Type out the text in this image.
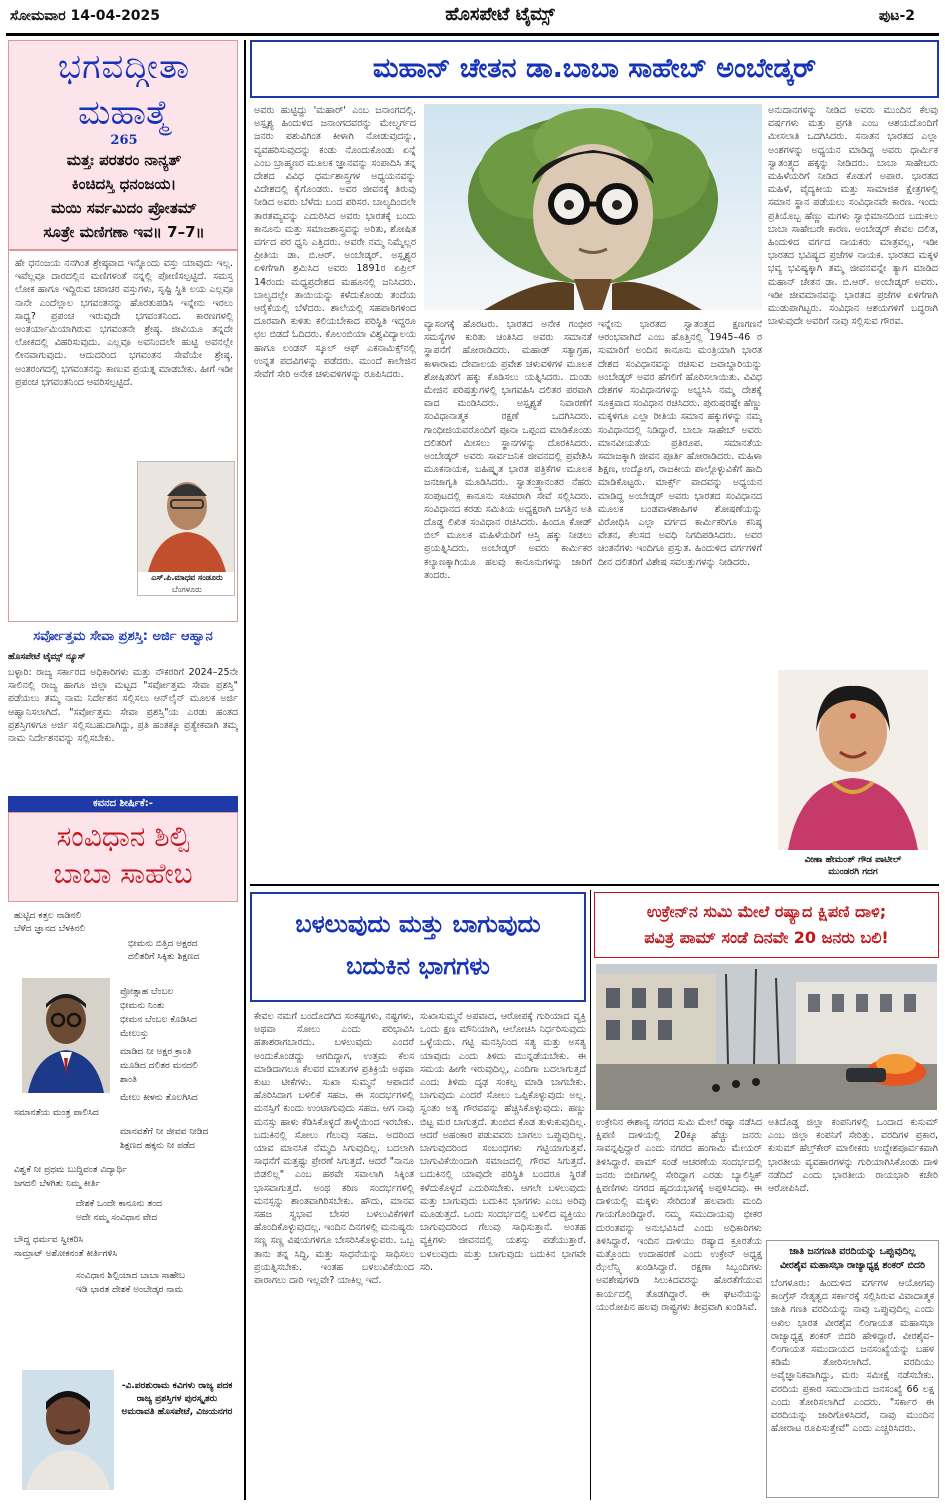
ಸೋಮವಾರ 14-04-2025	ಹೊಸಪೇಟೆ ಟೈಮ್ಸ್	ಪುಟ-2
ಭಗವದ್ಗೀತಾ
ಮಹಾತ್ಮೆ
265
ಮತ್ತಃ ಪರತರಂ ನಾನ್ಯತ್
ಕಿಂಚಿದಸ್ತಿ ಧನಂಜಯ।
ಮಯಿ ಸರ್ವಮಿದಂ ಪ್ರೋತಮ್
ಸೂತ್ರೇ ಮಣಿಗಣಾ ಇವ॥ 7–7॥
ಹೇ ಧನಂಜಯ ನನಗಿಂತ ಶ್ರೇಷ್ಠವಾದ ಇನ್ನೊಂದು ವಸ್ತು ಯಾವುದು ಇಲ್ಲ. ಇವೆಲ್ಲವೂ ದಾರದಲ್ಲಿನ ಮಣಿಗಳಂತೆ ನನ್ನಲ್ಲಿ ಪೋಣಿಸಲ್ಪಟ್ಟಿದೆ. ಸಮಸ್ತ ಲೋಕ ಹಾಗೂ ಇದ್ದಿರುವ ಚರಾಚರ ವಸ್ತುಗಳು, ಸೃಷ್ಟಿ ಸ್ಥಿತಿ ಲಯ ಎಲ್ಲವೂ ನಾನೇ ಎಂದೆಲ್ಲಾಲ ಭಗವಂತನನ್ನು ಹೊರತುಪಡಿಸಿ ಇನ್ನೇನು ಇರಲು ಸಾಧ್ಯ? ಪ್ರಪಂಚ ಇರುವುದೇ ಭಗವಂತನಿಂದ. ಕಾರಣಗಳಲ್ಲಿ ಅಂತರ್ಯಾಮಿಯಾಗಿರುವ ಭಗವಂತನೇ ಶ್ರೇಷ್ಠ. ಜೀವಿಯೂ ತನ್ನದೇ ಲೋಕದಲ್ಲಿ ವಿಹರಿಸುವುದು. ಎಲ್ಲವೂ ಅವನಿಂದಲೇ ಹುಟ್ಟಿ ಅವನಲ್ಲೇ ಲೀನವಾಗುವುದು. ಆದುದರಿಂದ ಭಗವಂತನ ಸೇವೆಯೇ ಶ್ರೇಷ್ಠ. ಅಂತರಂಗದಲ್ಲಿ ಭಗವಂತನನ್ನು ಕಾಣುವ ಪ್ರಯತ್ನ ಮಾಡಬೇಕು. ಹೀಗೆ ಇಡೀ ಪ್ರಪಂಚ ಭಗವಂತನಿಂದ ಆವರಿಸಲ್ಪಟ್ಟಿದೆ.
ಎಸ್.ಪಿ.ಮಾಧವ ಸಂಡೂರು
ಬೆಂಗಳೂರು
ಸರ್ವೋತ್ತಮ ಸೇವಾ ಪ್ರಶಸ್ತಿ: ಅರ್ಜಿ ಆಹ್ವಾನ
ಹೊಸಪೇಟೆ ಟೈಮ್ಸ್ ನ್ಯೂಸ್
ಬಳ್ಳಾರಿ: ರಾಜ್ಯ ಸರ್ಕಾರದ ಅಧಿಕಾರಿಗಳು ಮತ್ತು ನೌಕರರಿಗೆ 2024–25ನೇ ಸಾಲಿನಲ್ಲಿ ರಾಜ್ಯ ಹಾಗೂ ಜಿಲ್ಲಾ ಮಟ್ಟದ "ಸರ್ವೋತ್ತಮ ಸೇವಾ ಪ್ರಶಸ್ತಿ" ಪಡೆಯಲು ತಮ್ಮ ನಾಮ ನಿರ್ದೇಶನ ಸಲ್ಲಿಸಲು ಆನ್‌ಲೈನ್ ಮೂಲಕ ಅರ್ಜಿ ಆಹ್ವಾನಿಸಲಾಗಿದೆ. "ಸರ್ವೋತ್ತಮ ಸೇವಾ ಪ್ರಶಸ್ತಿ"ಯ ಎರಡು ಹಂತದ ಪ್ರಶಸ್ತಿಗಳಿಗೂ ಅರ್ಜಿ ಸಲ್ಲಿಸಬಹುದಾಗಿದ್ದು, ಪ್ರತಿ ಹಂತಕ್ಕೂ ಪ್ರತ್ಯೇಕವಾಗಿ ತಮ್ಮ ನಾಮ ನಿರ್ದೇಶನವನ್ನು ಸಲ್ಲಿಸಬೇಕು.
ಕವನದ ಶೀರ್ಷಿಕೆ:-
ಸಂವಿಧಾನ ಶಿಲ್ಪಿ
ಬಾಬಾ ಸಾಹೇಬ
ಹುಟ್ಟಿದ ಕತ್ತಲ ನಾಡಿನಲಿ
ಬೆಳೆದ ಜ್ಞಾನದ ಬೆಳಕಿನಲಿ
ಭೀಮನು ಬಿತ್ತಿದ ಅಕ್ಷರದ
ದಲಿತರಿಗೆ ಸಿಕ್ಕಿತು ಶಿಕ್ಷಣದ
ಪ್ರೋತ್ಸಾಹ ಬೆಂಬಲ
ಭೀಮನು ನಿಂತು
ಭೀಮನ ಬೆಂಬಲ ಕೊಡಿಸಿದ
ಮೇಲುಸ್ತು
ಮಾಡಿದ ನೀ ಅಕ್ಷರ ಕ್ರಾಂತಿ
ಮೂಡಿದ ದಲಿತರ ಮನದಲಿ
ಶಾಂತಿ
ಮೇಲು ಕೀಳನು ತೊಲಗಿಸಿದ
ಸಮಾನತೆಯ ಮಂತ್ರ ಪಾಲಿಸಿದ
ಮಾನವತೆಗೆ ನೀ ಜೀವವ ನೀಡಿದ
ಶಿಕ್ಷಣದ ಹಕ್ಕನು ನೀ ಪಡೆದ
ವಿಶ್ವಕೆ ನೀ ಪ್ರಥಮ ಬುದ್ಧಿವಂತ ವಿದ್ಯಾರ್ಥಿ
ಜಗದಲಿ ಬೆಳಗಿತು ನಿಮ್ಮ ಕೀರ್ತಿ
ದೇಶಕೆ ಒಂದೇ ಕಾನೂನು ತಂದ
ಅದೇ ನಮ್ಮ ಸಂವಿಧಾನ ವೇದ
ಬೌದ್ಧ ಧರ್ಮವ ಸ್ವೀಕರಿಸಿ
ಸಾಮ್ರಾಟ್ ಅಶೋಕನಂತೆ ಕೀರ್ತಿಗಳಿಸಿ
ಸಂವಿಧಾನ ಶಿಲ್ಪಿಯಾದ ಬಾಬಾ ಸಾಹೇಬ
ಇಡಿ ಭಾರತ ದೇಶಕೆ ಅಂಬೇಡ್ಕರ ನಾಮ
-ವಿ.ಪರಶುರಾಮ ಕವಿಗಳು ರಾಜ್ಯ ಪದಕ ರಾಜ್ಯ ಪ್ರಶಸ್ತಿಗಳ ಪುರಸ್ಕೃತರು ಅಮರಾವತಿ ಹೊಸಪೇಟೆ, ವಿಜಯನಗರ
ಮಹಾನ್ ಚೇತನ ಡಾ.ಬಾಬಾ ಸಾಹೇಬ್ ಅಂಬೇಡ್ಕರ್
ಅವರು ಹುಟ್ಟಿದ್ದು 'ಮಹಾರ್' ಎಂಬ ಜನಾಂಗದಲ್ಲಿ. ಅಸ್ಪೃಶ್ಯ ಹಿಂದುಳಿದ ಜನಾಂಗದವರನ್ನು ಮೇಲ್ವರ್ಗದ ಜನರು ಪಶುವಿಗಿಂತ ಕೀಳಾಗಿ ನೋಡುವುದನ್ನು, ವ್ಯವಹರಿಸುವುದನ್ನು ಕಂಡು ನೊಂದುಕೊಂಡು ಏನ್ನೆ ಎಂಬ ಬ್ರಾಹ್ಮಣರ ಮೂಲಕ ಜ್ಞಾನವನ್ನು ಸಂಪಾದಿಸಿ ತನ್ನ ದೇಶದ ವಿವಿಧ ಧರ್ಮಶಾಸ್ತ್ರಗಳ ಅಧ್ಯಯನವನ್ನು ವಿದೇಶದಲ್ಲಿ ಕೈಗೊಂಡರು. ಅವರ ಜೀವನಕ್ಕೆ ತಿರುವು ನೀಡಿದ ಅವರು ಬೆಳೆದು ಬಂದ ಪರಿಸರ. ಬಾಲ್ಯದಿಂದಲೇ ತಾರತಮ್ಯವನ್ನು ಎದುರಿಸಿದ ಅವರು ಭಾರತಕ್ಕೆ ಬಂದು ಕಾನೂನು ಮತ್ತು ಸಮಾಜಶಾಸ್ತ್ರವನ್ನು ಅರಿತು, ಶೋಷಿತ ವರ್ಗದ ಪರ ಧ್ವನಿ ಎತ್ತಿದರು. ಅವರೇ ನಮ್ಮ ನಿಮ್ಮೆಲ್ಲರ ಪ್ರೀತಿಯ ಡಾ. ಬಿ.ಆರ್. ಅಂಬೇಡ್ಕರ್. ಅಸ್ಪೃಶ್ಯರ ಏಳಿಗೆಗಾಗಿ ಶ್ರಮಿಸಿದ ಅವರು 1891ರ ಏಪ್ರಿಲ್ 14ರಂದು ಮಧ್ಯಪ್ರದೇಶದ ಮಹೂನಲ್ಲಿ ಜನಿಸಿದರು. ಬಾಲ್ಯದಲ್ಲೇ ತಾಯಿಯನ್ನು ಕಳೆದುಕೊಂಡು ತಂದೆಯ ಆರೈಕೆಯಲ್ಲಿ ಬೆಳೆದರು. ಶಾಲೆಯಲ್ಲಿ ಸಹಪಾಠಿಗಳಿಂದ ದೂರವಾಗಿ ಕುಳಿತು ಕಲಿಯಬೇಕಾದ ಪರಿಸ್ಥಿತಿ ಇದ್ದರೂ ಛಲ ಬಿಡದೆ ಓದಿದರು. ಕೊಲಂಬಿಯಾ ವಿಶ್ವವಿದ್ಯಾಲಯ ಹಾಗೂ ಲಂಡನ್ ಸ್ಕೂಲ್ ಆಫ್ ಎಕನಾಮಿಕ್ಸ್‌ನಲ್ಲಿ ಉನ್ನತ ಪದವಿಗಳನ್ನು ಪಡೆದರು. ಮುಂದೆ ಕಾಲೇಜಿನ ಸೇವೆಗೆ ಸೇರಿ ಅನೇಕ ಚಳುವಳಿಗಳನ್ನು ರೂಪಿಸಿದರು.
ವ್ಯಾಸಂಗಕ್ಕೆ ಹೊರಟರು. ಭಾರತದ ಅನೇಕ ಗಂಭೀರ ಸಮಸ್ಯೆಗಳ ಕುರಿತು ಚಿಂತಿಸಿದ ಅವರು ಸಮಾನತೆ ಸ್ಥಾಪನೆಗೆ ಹೋರಾಡಿದರು. ಮಹಾಡ್ ಸತ್ಯಾಗ್ರಹ, ಕಾಳಾರಾಮ ದೇವಾಲಯ ಪ್ರವೇಶ ಚಳುವಳಿಗಳ ಮೂಲಕ ಶೋಷಿತರಿಗೆ ಹಕ್ಕು ಕೊಡಿಸಲು ಯತ್ನಿಸಿದರು. ದುಂಡು ಮೇಜಿನ ಪರಿಷತ್ತುಗಳಲ್ಲಿ ಭಾಗವಹಿಸಿ ದಲಿತರ ಪರವಾಗಿ ವಾದ ಮಂಡಿಸಿದರು. ಅಸ್ಪೃಶ್ಯತೆ ನಿವಾರಣೆಗೆ ಸಂವಿಧಾನಾತ್ಮಕ ರಕ್ಷಣೆ ಒದಗಿಸಿದರು. ಗಾಂಧೀಜಿಯವರೊಂದಿಗೆ ಪೂನಾ ಒಪ್ಪಂದ ಮಾಡಿಕೊಂಡು ದಲಿತರಿಗೆ ಮೀಸಲು ಸ್ಥಾನಗಳನ್ನು ದೊರಕಿಸಿದರು. ಅಂಬೇಡ್ಕರ್ ಅವರು ಸಾರ್ವಜನಿಕ ಜೀವನದಲ್ಲಿ ಪ್ರವೇಶಿಸಿ ಮೂಕನಾಯಕ, ಬಹಿಷ್ಕೃತ ಭಾರತ ಪತ್ರಿಕೆಗಳ ಮೂಲಕ ಜನಜಾಗೃತಿ ಮೂಡಿಸಿದರು. ಸ್ವಾತಂತ್ರ್ಯಾನಂತರ ನೆಹರು ಸಂಪುಟದಲ್ಲಿ ಕಾನೂನು ಸಚಿವರಾಗಿ ಸೇವೆ ಸಲ್ಲಿಸಿದರು. ಸಂವಿಧಾನದ ಕರಡು ಸಮಿತಿಯ ಅಧ್ಯಕ್ಷರಾಗಿ ಜಗತ್ತಿನ ಅತಿ ದೊಡ್ಡ ಲಿಖಿತ ಸಂವಿಧಾನ ರಚಿಸಿದರು. ಹಿಂದೂ ಕೋಡ್ ಬಿಲ್ ಮೂಲಕ ಮಹಿಳೆಯರಿಗೆ ಆಸ್ತಿ ಹಕ್ಕು ನೀಡಲು ಪ್ರಯತ್ನಿಸಿದರು. ಅಂಬೇಡ್ಕರ್ ಅವರು ಕಾರ್ಮಿಕರ ಕಲ್ಯಾಣಕ್ಕಾಗಿಯೂ ಹಲವು ಕಾನೂನುಗಳನ್ನು ಜಾರಿಗೆ ತಂದರು.
ಇನ್ನೇನು ಭಾರತದ ಸ್ವಾತಂತ್ರ್ಯದ ಕ್ಷಣಗಣನೆ ಆರಂಭವಾಗಿದೆ ಎಂಬ ಹೊತ್ತಿನಲ್ಲಿ 1945–46 ರ ಸುಮಾರಿಗೆ ಅಂದಿನ ಕಾನೂನು ಮಂತ್ರಿಯಾಗಿ ಭಾರತ ದೇಶದ ಸಂವಿಧಾನವನ್ನು ರಚಿಸುವ ಜವಾಬ್ದಾರಿಯನ್ನು ಅಂಬೇಡ್ಕರ್ ಅವರ ಹೆಗಲಿಗೆ ಹೊರಿಸಲಾಯಿತು. ವಿವಿಧ ದೇಶಗಳ ಸಂವಿಧಾನಗಳನ್ನು ಅಭ್ಯಸಿಸಿ ನಮ್ಮ ದೇಶಕ್ಕೆ ಸೂಕ್ತವಾದ ಸಂವಿಧಾನ ರಚಿಸಿದರು. ಪುರುಷರಷ್ಟೇ ಹೆಣ್ಣು ಮಕ್ಕಳಿಗೂ ಎಲ್ಲಾ ರೀತಿಯ ಸಮಾನ ಹಕ್ಕುಗಳನ್ನು ನಮ್ಮ ಸಂವಿಧಾನದಲ್ಲಿ ನಿಡಿದ್ದಾರೆ. ಬಾಬಾ ಸಾಹೇಬ್ ಅವರು ಮಾನವೀಯತೆಯ ಪ್ರತಿರೂಪ. ಸಮಾನತೆಯ ಸಮಾಜಕ್ಕಾಗಿ ಜೀವನ ಪೂರ್ತಿ ಹೋರಾಡಿದರು. ಮಹಿಳಾ ಶಿಕ್ಷಣ, ಉದ್ಯೋಗ, ರಾಜಕೀಯ ಪಾಲ್ಗೊಳ್ಳುವಿಕೆಗೆ ಹಾದಿ ಮಾಡಿಕೊಟ್ಟರು. ಮಾರ್ಕ್ಸ್ ವಾದವನ್ನು ಅಧ್ಯಯನ ಮಾಡಿದ್ದ ಅಂಬೇಡ್ಕರ್ ಅವರು ಭಾರತದ ಸಂವಿಧಾನದ ಮೂಲಕ ಬಂಡವಾಳಶಾಹಿಗಳ ಶೋಷಣೆಯನ್ನು ವಿರೋಧಿಸಿ ಎಲ್ಲಾ ವರ್ಗದ ಕಾರ್ಮಿಕರಿಗೂ ಕನಿಷ್ಠ ವೇತನ, ಕೆಲಸದ ಅವಧಿ ನಿಗದಿಪಡಿಸಿದರು. ಅವರ ಚಿಂತನೆಗಳು ಇಂದಿಗೂ ಪ್ರಸ್ತುತ. ಹಿಂದುಳಿದ ವರ್ಗಗಳಿಗೆ ದೀನ ದಲಿತರಿಗೆ ವಿಶೇಷ ಸವಲತ್ತುಗಳನ್ನು ನೀಡಿದರು.
ಅನುದಾನಗಳನ್ನು ನೀಡಿದ ಅವರು ಮುಂದಿನ ಕೆಲವು ವರ್ಷಗಳು ಮತ್ತು ಪ್ರಗತಿ ಎಂಬ ಆಶಯದೊಂದಿಗೆ ಮೀಸಲಾತಿ ಒದಗಿಸಿದರು. ಸನಾತನ ಭಾರತದ ಎಲ್ಲಾ ಅಂಶಗಳನ್ನು ಅಧ್ಯಯನ ಮಾಡಿದ್ದ ಅವರು ಧಾರ್ಮಿಕ ಸ್ವಾತಂತ್ರ್ಯದ ಹಕ್ಕನ್ನು ನೀಡಿದರು. ಬಾಬಾ ಸಾಹೇಬರು ಮಹಿಳೆಯರಿಗೆ ನೀಡಿದ ಕೊಡುಗೆ ಅಪಾರ. ಭಾರತದ ಮಹಿಳೆ, ವೈದ್ಯಕೀಯ ಮತ್ತು ಸಾಮಾಜಿಕ ಕ್ಷೇತ್ರಗಳಲ್ಲಿ ಸಮಾನ ಸ್ಥಾನ ಪಡೆಯಲು ಸಂವಿಧಾನವೇ ಕಾರಣ. ಇಂದು ಪ್ರತಿಯೊಬ್ಬ ಹೆಣ್ಣು ಮಗಳು ಸ್ವಾಭಿಮಾನದಿಂದ ಬದುಕಲು ಬಾಬಾ ಸಾಹೇಬರೇ ಕಾರಣ. ಅಂಬೇಡ್ಕರ್ ಕೇವಲ ದಲಿತ, ಹಿಂದುಳಿದ ವರ್ಗದ ನಾಯಕರು ಮಾತ್ರವಲ್ಲ, ಇಡೀ ಭಾರತದ ಭವಿಷ್ಯದ ಪ್ರಜೆಗಳ ನಾಯಕ. ಭಾರತದ ಮಕ್ಕಳ ಭವ್ಯ ಭವಿಷ್ಯಕ್ಕಾಗಿ ತಮ್ಮ ಜೀವನವನ್ನೇ ತ್ಯಾಗ ಮಾಡಿದ ಮಹಾನ್ ಚೇತನ ಡಾ. ಬಿ.ಆರ್. ಅಂಬೇಡ್ಕರ್ ಅವರು. ಇಡೀ ಜೀವಮಾನವನ್ನು ಭಾರತದ ಪ್ರಜೆಗಳ ಏಳಿಗೆಗಾಗಿ ಮುಡುಪಾಗಿಟ್ಟರು. ಸಂವಿಧಾನ ಆಶಯಗಳಿಗೆ ಬದ್ಧರಾಗಿ ಬಾಳುವುದೇ ಅವರಿಗೆ ನಾವು ಸಲ್ಲಿಸುವ ಗೌರವ.
ವೀಣಾ ಹೇಮಂತ್ ಗೌಡ ಪಾಟೀಲ್
ಮುಂಡರಗಿ ಗದಗ
ಬಳಲುವುದು ಮತ್ತು ಬಾಗುವುದು
ಬದುಕಿನ ಭಾಗಗಳು
ಕೇವಲ ನಮಗೆ ಬಂದೊದಗಿದ ಸಂಕಷ್ಟಗಳು, ನಷ್ಟಗಳು, ಅಥವಾ ಸೋಲು ಎಂದು ಪರಿಭಾವಿಸಿ ಹತಾಶರಾಗಬಾರದು. ಬಳಲುವುದು ಎಂದರೆ ಅಂದುಕೊಂಡದ್ದು ಆಗದಿದ್ದಾಗ, ಉತ್ತಮ ಕೆಲಸ ಮಾಡಿದಾಗಲೂ ಕೆಲವರ ಮಾತುಗಳ ಪ್ರತಿಕ್ರಿಯೆ ಅಥವಾ ಕುಟು ಟೀಕೆಗಳು. ಸುಖಾ ಸುಮ್ಮನೆ ಆಪಾದನೆ ಹೊರಿಸಿದಾಗ ಬಳಲಿಕೆ ಸಹಜ. ಈ ಸಂದರ್ಭಗಳಲ್ಲಿ ಮನಸ್ಸಿಗೆ ಕುಂದು ಉಂಟಾಗುವುದು ಸಹಜ. ಆಗ ನಾವು ಮನಸ್ಸು ಹಾಳು ಕೆಡಿಸಿಕೊಳ್ಳದೆ ತಾಳ್ಮೆಯಿಂದ ಇರಬೇಕು. ಬದುಕಿನಲ್ಲಿ ಸೋಲು ಗೆಲುವು ಸಹಜ. ಅದರಿಂದ ಯಾವ ಮಾನಸಿಕ ನೆಮ್ಮದಿ ಸಿಗುವುದಿಲ್ಲ. ಬದಲಾಗಿ ಸಾಧನೆಗೆ ಮತ್ತಷ್ಟು ಪ್ರೇರಣೆ ಸಿಗುತ್ತದೆ. ಆದರೆ "ನಾನೂ ಬಿಡಲಿಲ್ಲ" ಎಂಬ ಹಠವೇ ಸವಾಲಾಗಿ ಸಿಕ್ಕಿಂತ ಭಾಸವಾಗುತ್ತದೆ. ಅಂಥ ಕಠಿಣ ಸಂದರ್ಭಗಳಲ್ಲಿ ಮನಸ್ಸನ್ನು ಶಾಂತವಾಗಿರಿಸಬೇಕು. ಹೌದು, ಮಾನವ ಸಹಜ ಸ್ವಭಾವ ಬೇಸರ ಬಳಲುವಿಕೆಗಳಿಗೆ ಹೊಂದಿಕೊಳ್ಳುವುದಲ್ಲ. ಇಂದಿನ ದಿನಗಳಲ್ಲಿ ಮನುಷ್ಯರು ಸಣ್ಣ ಸಣ್ಣ ವಿಷಯಗಳಿಗೂ ಬೇಸರಿಸಿಕೊಳ್ಳುವರು. ಒಬ್ಬ ತಾನು ತನ್ನ ಸಿದ್ಧಿ, ಮತ್ತು ಸಾಧನೆಯನ್ನು ಸಾಧಿಸಲು ಪ್ರಯತ್ನಿಸಬೇಕು. ಇಂತಹ ಬಳಲುವಿಕೆಯಿಂದ ಪಾರಾಗಲು ದಾರಿ ಇಲ್ಲವೇ? ಯಾಕಿಲ್ಲ ಇದೆ.
ಸುಖಾಸುಮ್ಮನೆ ಅಪವಾದ, ಆರೋಪಕ್ಕೆ ಗುರಿಯಾದ ವ್ಯಕ್ತಿ ಒಂದು ಕ್ಷಣ ಮೌನಿಯಾಗಿ, ಆಲೋಚಿಸಿ ನಿರ್ಧರಿಸುವುದು ಒಳ್ಳೆಯದು. ಗಟ್ಟಿ ಮನಸ್ಸಿನಿಂದ ಸತ್ಯ ಮತ್ತು ಅಸತ್ಯ ಯಾವುದು ಎಂದು ತಿಳಿದು ಮುನ್ನಡೆಯಬೇಕು. ಈ ಸಮಯ ಹೀಗೇ ಇರುವುದಿಲ್ಲ, ಎಂದಿಗಾ ಬದಲಾಗುತ್ತದೆ ಎಂದು ತಿಳಿದು ದೃಢ ಸಂಕಲ್ಪ ಮಾಡಿ ಬಾಗಬೇಕು. ಬಾಗುವುದು ಎಂದರೆ ಸೋಲು ಒಪ್ಪಿಕೊಳ್ಳುವುದು ಅಲ್ಲ. ಸ್ವಂತಂ ಅತ್ಯ ಗೌರವವನ್ನು ಹೆಚ್ಚಿಸಿಕೊಳ್ಳುವುದು. ಹಣ್ಣು ಬಿಟ್ಟ ಮರ ಬಾಗುತ್ತದೆ. ತುಂಬಿದ ಕೊಡ ತುಳುಕುವುದಿಲ್ಲ. ಆದರೆ ಅಹಂಕಾರ ಪಡುವವರು ಬಾಗಲು ಒಪ್ಪುವುದಿಲ್ಲ. ಬಾಗುವುದರಿಂದ ಸಂಬಂಧಗಳು ಗಟ್ಟಿಯಾಗುತ್ತವೆ. ಬಾಗುವಿಕೆಯಿಂದಾಗಿ ಸಮಾಜದಲ್ಲಿ ಗೌರವ ಸಿಗುತ್ತದೆ. ಬದುಕಿನಲ್ಲಿ ಯಾವುದೇ ಪರಿಸ್ಥಿತಿ ಬಂದರೂ ಸ್ಥಿರತೆ ಕಳೆದುಕೊಳ್ಳದೆ ಎದುರಿಸಬೇಕು. ಆಗಲೇ ಬಳಲುವುದು ಮತ್ತು ಬಾಗುವುದು ಬದುಕಿನ ಭಾಗಗಳು ಎಂಬ ಅರಿವು ಮೂಡುತ್ತದೆ. ಒಂದು ಸಂದರ್ಭದಲ್ಲಿ ಬಳಲಿದ ವ್ಯಕ್ತಿಯು ಬಾಗುವುದರಿಂದ ಗೆಲುವು ಸಾಧಿಸುತ್ತಾನೆ. ಅಂತಹ ವ್ಯಕ್ತಿಗಳು ಜೀವನದಲ್ಲಿ ಯಶಸ್ಸು ಪಡೆಯುತ್ತಾರೆ. ಬಳಲುವುದು ಮತ್ತು ಬಾಗುವುದು ಬದುಕಿನ ಭಾಗವೇ ಸರಿ.
ಉಕ್ರೇನ್‌ನ ಸುಮಿ ಮೇಲೆ ರಷ್ಯಾದ ಕ್ಷಿಪಣಿ ದಾಳಿ;
ಪವಿತ್ರ ಪಾಮ್ ಸಂಡೆ ದಿನವೇ 20 ಜನರು ಬಲಿ!
ಉಕ್ರೇನಿನ ಈಶಾನ್ಯ ನಗರದ ಸುಮಿ ಮೇಲೆ ರಷ್ಯಾ ನಡೆಸಿದ ಕ್ಷಿಪಣಿ ದಾಳಿಯಲ್ಲಿ 20ಕ್ಕೂ ಹೆಚ್ಚು ಜನರು ಸಾವನ್ನಪ್ಪಿದ್ದಾರೆ ಎಂದು ನಗರದ ಹಂಗಾಮಿ ಮೇಯರ್ ತಿಳಿಸಿದ್ದಾರೆ. ಪಾಮ್ ಸಂಡೆ ಆಚರಣೆಯ ಸಂದರ್ಭದಲ್ಲಿ ಜನರು ಬೀದಿಗಳಲ್ಲಿ ಸೇರಿದ್ದಾಗ ಎರಡು ಬ್ಯಾಲಿಸ್ಟಿಕ್ ಕ್ಷಿಪಣಿಗಳು ನಗರದ ಹೃದಯಭಾಗಕ್ಕೆ ಅಪ್ಪಳಿಸಿದವು. ಈ ದಾಳಿಯಲ್ಲಿ ಮಕ್ಕಳು ಸೇರಿದಂತೆ ಹಲವಾರು ಮಂದಿ ಗಾಯಗೊಂಡಿದ್ದಾರೆ. ನಮ್ಮ ಸಮುದಾಯವು ಭೀಕರ ದುರಂತವನ್ನು ಅನುಭವಿಸಿದೆ ಎಂದು ಅಧಿಕಾರಿಗಳು ತಿಳಿಸಿದ್ದಾರೆ. ಇಂದಿನ ದಾಳಿಯು ರಷ್ಯಾದ ಕ್ರೂರತೆಯ ಮತ್ತೊಂದು ಉದಾಹರಣೆ ಎಂದು ಉಕ್ರೇನ್ ಅಧ್ಯಕ್ಷ ಝೆಲೆನ್ಸ್ಕಿ ಖಂಡಿಸಿದ್ದಾರೆ. ರಕ್ಷಣಾ ಸಿಬ್ಬಂದಿಗಳು ಅವಶೇಷಗಳಡಿ ಸಿಲುಕಿದವರನ್ನು ಹೊರತೆಗೆಯುವ ಕಾರ್ಯದಲ್ಲಿ ತೊಡಗಿದ್ದಾರೆ. ಈ ಘಟನೆಯನ್ನು ಯುರೋಪಿನ ಹಲವು ರಾಷ್ಟ್ರಗಳು ತೀವ್ರವಾಗಿ ಖಂಡಿಸಿವೆ.
ಅತಿದೊಡ್ಡ ಜಿಲ್ಲಾ ಕಂಪನಿಗಳಲ್ಲಿ ಒಂದಾದ ಕುಸುಮ್ ಎಂಬ ಜಿಲ್ಲಾ ಕಂಪನಿಗೆ ಸೇರಿತ್ತು. ವರದಿಗಳ ಪ್ರಕಾರ, ಕುಸುಮ್ ಹೆಲ್ತ್‌ಕೇರ್ ಮಾಲೀಕರು ಉದ್ದೇಶಪೂರ್ವಕವಾಗಿ ಭಾರತೀಯ ವ್ಯವಹಾರಗಳನ್ನು ಗುರಿಯಾಗಿಸಿಕೊಂಡು ದಾಳಿ ನಡೆದಿದೆ ಎಂದು ಭಾರತೀಯ ರಾಯಭಾರಿ ಕಚೇರಿ ಆರೋಪಿಸಿದೆ.
ಜಾತಿ ಜನಗಣತಿ ವರದಿಯನ್ನು ಒಪ್ಪುವುದಿಲ್ಲ
ವೀರಶೈವ ಮಹಾಸಭಾ ರಾಜ್ಯಾಧ್ಯಕ್ಷ ಶಂಕರ್ ಬಿದರಿ
ಬೆಂಗಳೂರು: ಹಿಂದುಳಿದ ವರ್ಗಗಳ ಆಯೋಗವು ಕಾಂಗ್ರೆಸ್ ನೇತೃತ್ವದ ಸರ್ಕಾರಕ್ಕೆ ಸಲ್ಲಿಸಿರುವ ವಿವಾದಾತ್ಮಕ ಜಾತಿ ಗಣತಿ ವರದಿಯನ್ನು ನಾವು ಒಪ್ಪುವುದಿಲ್ಲ ಎಂದು ಅಖಿಲ ಭಾರತ ವೀರಶೈವ ಲಿಂಗಾಯತ ಮಹಾಸಭಾ ರಾಜ್ಯಾಧ್ಯಕ್ಷ ಶಂಕರ್ ಬಿದರಿ ಹೇಳಿದ್ದಾರೆ. ವೀರಶೈವ–ಲಿಂಗಾಯತ ಸಮುದಾಯದ ಜನಸಂಖ್ಯೆಯನ್ನು ಬಹಳ ಕಡಿಮೆ ತೋರಿಸಲಾಗಿದೆ. ವರದಿಯು ಅವೈಜ್ಞಾನಿಕವಾಗಿದ್ದು, ಮರು ಸಮೀಕ್ಷೆ ನಡೆಸಬೇಕು. ವರದಿಯ ಪ್ರಕಾರ ಸಮುದಾಯದ ಜನಸಂಖ್ಯೆ 66 ಲಕ್ಷ ಎಂದು ತೋರಿಸಲಾಗಿದೆ ಎಂದರು. "ಸರ್ಕಾರ ಈ ವರದಿಯನ್ನು ಜಾರಿಗೊಳಿಸಿದರೆ, ನಾವು ಮುಂದಿನ ಹೋರಾಟ ರೂಪಿಸುತ್ತೇವೆ" ಎಂದು ಎಚ್ಚರಿಸಿದರು.
